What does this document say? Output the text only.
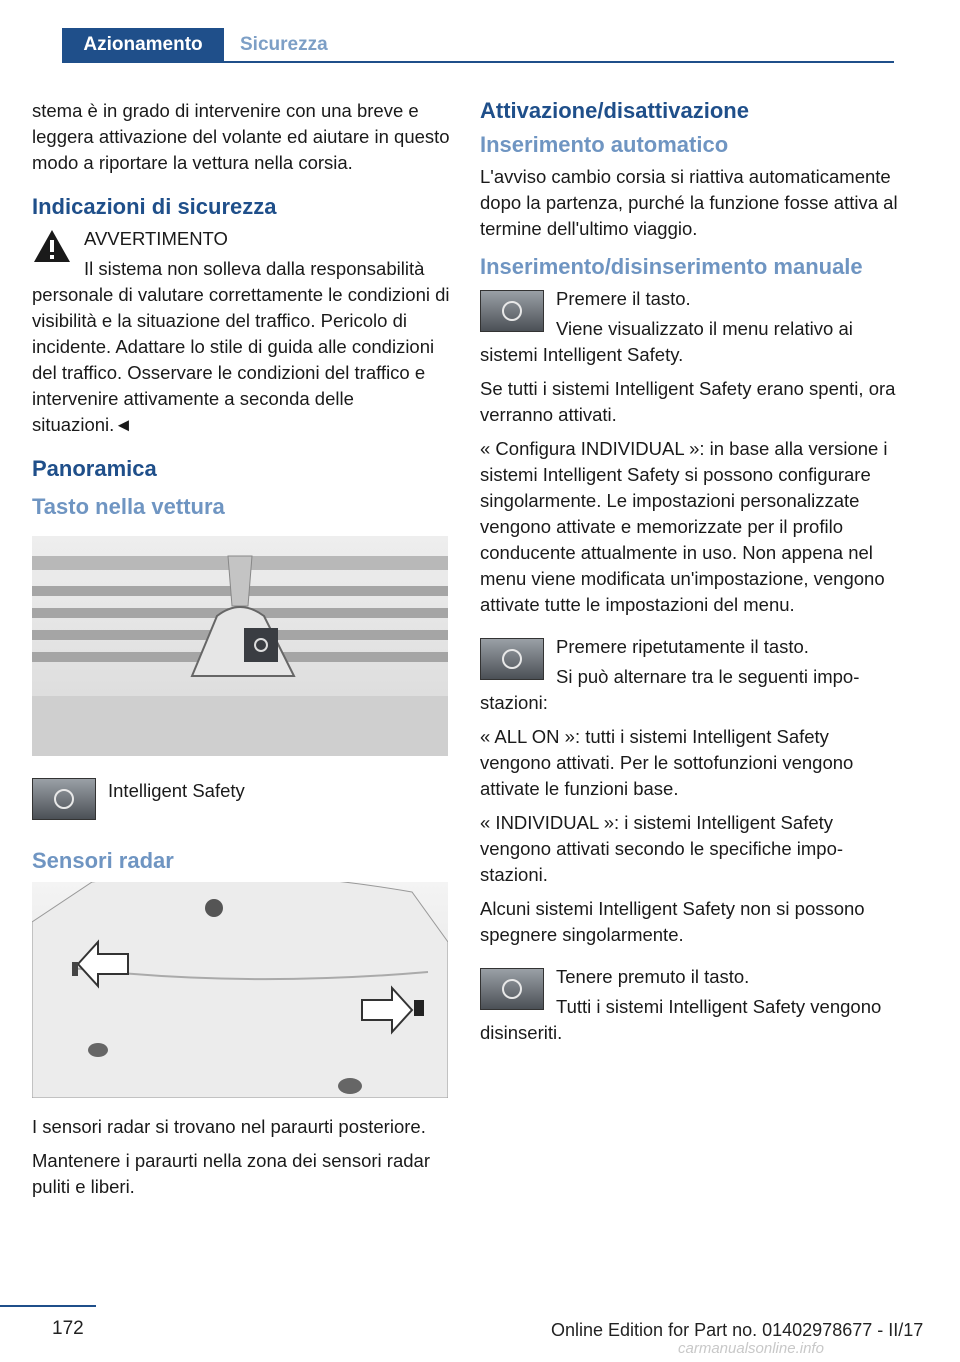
Azionamento	Sicurezza

stema è in grado di intervenire con una breve e leggera attivazione del volante ed aiutare in questo modo a riportare la vettura nella corsia.

Indicazioni di sicurezza

AVVERTIMENTO

Il sistema non solleva dalla responsabilità personale di valutare correttamente le condizioni di visibilità e la situazione del traffico. Pericolo di incidente. Adattare lo stile di guida alle condizioni del traffico. Osservare le condizioni del traffico e intervenire attivamente a seconda delle situazioni.◄

Panoramica
Tasto nella vettura

Intelligent Safety

Sensori radar

I sensori radar si trovano nel paraurti posteriore.

Mantenere i paraurti nella zona dei sensori radar puliti e liberi.

Attivazione/disattivazione
Inserimento automatico

L'avviso cambio corsia si riattiva automaticamente dopo la partenza, purché la funzione fosse attiva al termine dell'ultimo viaggio.

Inserimento/disinserimento manuale

Premere il tasto.

Viene visualizzato il menu relativo ai sistemi Intelligent Safety.

Se tutti i sistemi Intelligent Safety erano spenti, ora verranno attivati.

« Configura INDIVIDUAL »: in base alla versione i sistemi Intelligent Safety si possono configurare singolarmente. Le impostazioni personalizzate vengono attivate e memorizzate per il profilo conducente attualmente in uso. Non appena nel menu viene modificata un'impostazione, vengono attivate tutte le impostazioni del menu.

Premere ripetutamente il tasto.

Si può alternare tra le seguenti impostazioni:

« ALL ON »: tutti i sistemi Intelligent Safety vengono attivati. Per le sottofunzioni vengono attivate le funzioni base.

« INDIVIDUAL »: i sistemi Intelligent Safety vengono attivati secondo le specifiche impostazioni.

Alcuni sistemi Intelligent Safety non si possono spegnere singolarmente.

Tenere premuto il tasto.

Tutti i sistemi Intelligent Safety vengono disinseriti.

172	Online Edition for Part no. 01402978677 - II/17
carmanualsonline.info
